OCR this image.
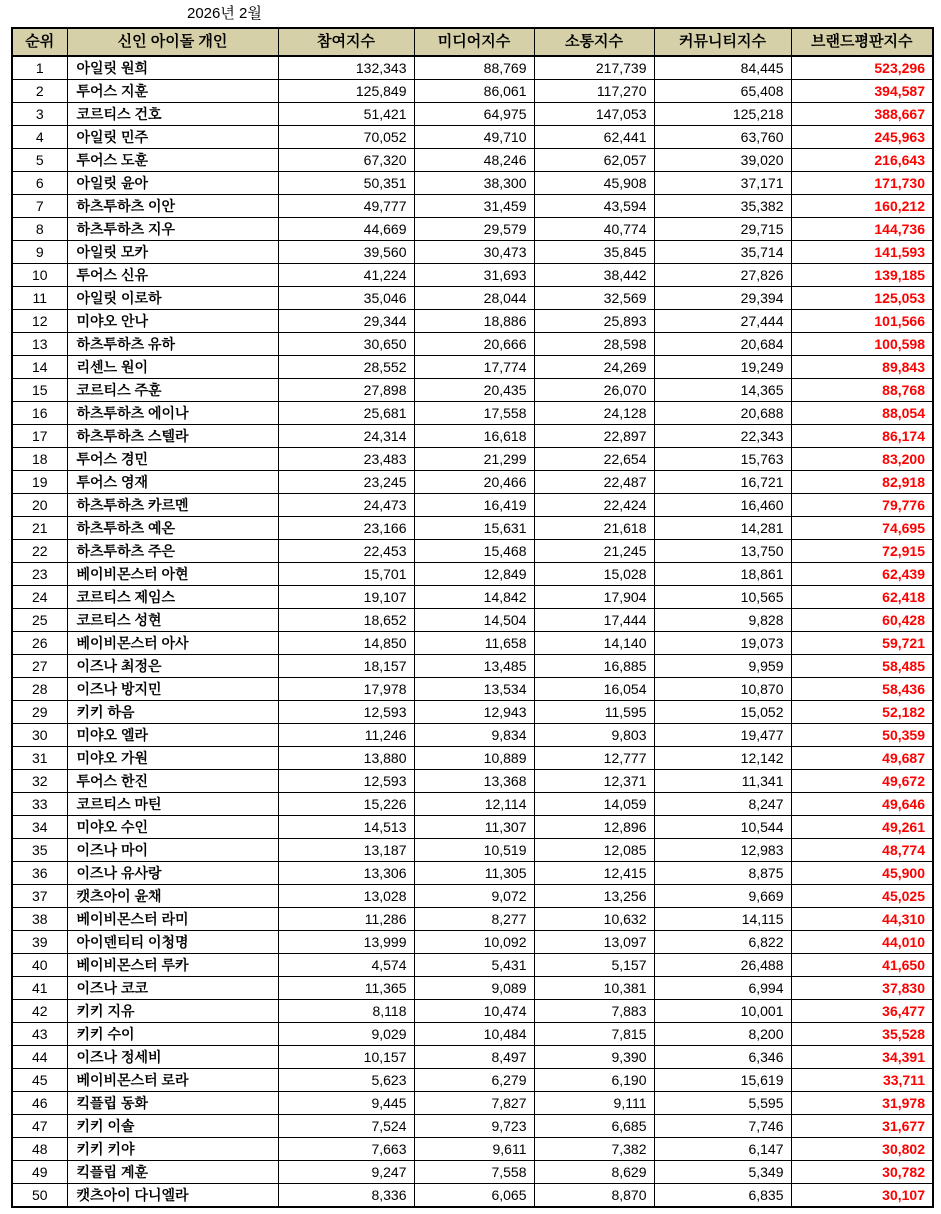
2026년 2월
순위	신인 아이돌 개인	참여지수	미디어지수	소통지수	커뮤니티지수	브랜드평판지수
1	아일릿 원희	132,343	88,769	217,739	84,445	523,296
2	투어스 지훈	125,849	86,061	117,270	65,408	394,587
3	코르티스 건호	51,421	64,975	147,053	125,218	388,667
4	아일릿 민주	70,052	49,710	62,441	63,760	245,963
5	투어스 도훈	67,320	48,246	62,057	39,020	216,643
6	아일릿 윤아	50,351	38,300	45,908	37,171	171,730
7	하츠투하츠 이안	49,777	31,459	43,594	35,382	160,212
8	하츠투하츠 지우	44,669	29,579	40,774	29,715	144,736
9	아일릿 모카	39,560	30,473	35,845	35,714	141,593
10	투어스 신유	41,224	31,693	38,442	27,826	139,185
11	아일릿 이로하	35,046	28,044	32,569	29,394	125,053
12	미야오 안나	29,344	18,886	25,893	27,444	101,566
13	하츠투하츠 유하	30,650	20,666	28,598	20,684	100,598
14	리센느 원이	28,552	17,774	24,269	19,249	89,843
15	코르티스 주훈	27,898	20,435	26,070	14,365	88,768
16	하츠투하츠 에이나	25,681	17,558	24,128	20,688	88,054
17	하츠투하츠 스텔라	24,314	16,618	22,897	22,343	86,174
18	투어스 경민	23,483	21,299	22,654	15,763	83,200
19	투어스 영재	23,245	20,466	22,487	16,721	82,918
20	하츠투하츠 카르멘	24,473	16,419	22,424	16,460	79,776
21	하츠투하츠 예온	23,166	15,631	21,618	14,281	74,695
22	하츠투하츠 주은	22,453	15,468	21,245	13,750	72,915
23	베이비몬스터 아현	15,701	12,849	15,028	18,861	62,439
24	코르티스 제임스	19,107	14,842	17,904	10,565	62,418
25	코르티스 성현	18,652	14,504	17,444	9,828	60,428
26	베이비몬스터 아사	14,850	11,658	14,140	19,073	59,721
27	이즈나 최정은	18,157	13,485	16,885	9,959	58,485
28	이즈나 방지민	17,978	13,534	16,054	10,870	58,436
29	키키 하음	12,593	12,943	11,595	15,052	52,182
30	미야오 엘라	11,246	9,834	9,803	19,477	50,359
31	미야오 가원	13,880	10,889	12,777	12,142	49,687
32	투어스 한진	12,593	13,368	12,371	11,341	49,672
33	코르티스 마틴	15,226	12,114	14,059	8,247	49,646
34	미야오 수인	14,513	11,307	12,896	10,544	49,261
35	이즈나 마이	13,187	10,519	12,085	12,983	48,774
36	이즈나 유사랑	13,306	11,305	12,415	8,875	45,900
37	캣츠아이 윤채	13,028	9,072	13,256	9,669	45,025
38	베이비몬스터 라미	11,286	8,277	10,632	14,115	44,310
39	아이덴티티 이청명	13,999	10,092	13,097	6,822	44,010
40	베이비몬스터 루카	4,574	5,431	5,157	26,488	41,650
41	이즈나 코코	11,365	9,089	10,381	6,994	37,830
42	키키 지유	8,118	10,474	7,883	10,001	36,477
43	키키 수이	9,029	10,484	7,815	8,200	35,528
44	이즈나 정세비	10,157	8,497	9,390	6,346	34,391
45	베이비몬스터 로라	5,623	6,279	6,190	15,619	33,711
46	킥플립 동화	9,445	7,827	9,111	5,595	31,978
47	키키 이솔	7,524	9,723	6,685	7,746	31,677
48	키키 키야	7,663	9,611	7,382	6,147	30,802
49	킥플립 계훈	9,247	7,558	8,629	5,349	30,782
50	캣츠아이 다니엘라	8,336	6,065	8,870	6,835	30,107
